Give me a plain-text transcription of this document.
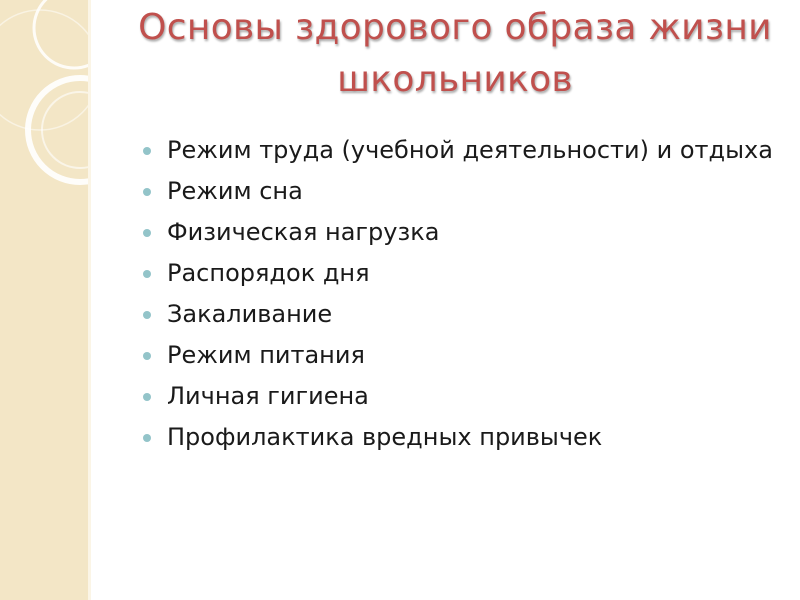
Основы здорового образа жизни школьников
Режим труда (учебной деятельности) и отдыха
Режим сна
Физическая нагрузка
Распорядок дня
Закаливание
Режим питания
Личная гигиена
Профилактика вредных привычек
